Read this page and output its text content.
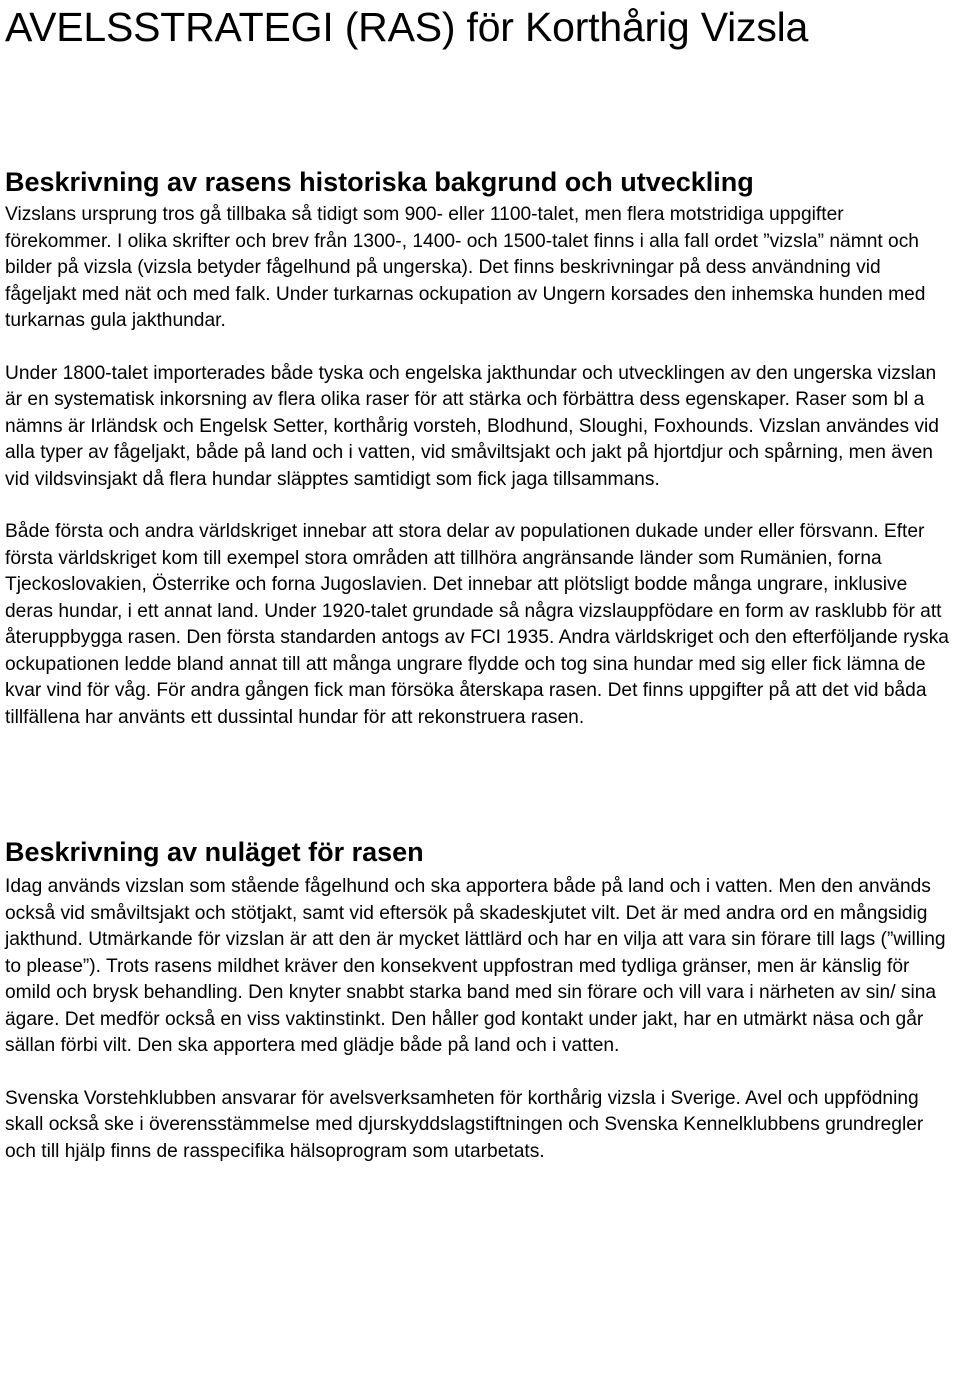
AVELSSTRATEGI (RAS) för Korthårig Vizsla
Beskrivning av rasens historiska bakgrund och utveckling

Vizslans ursprung tros gå tillbaka så tidigt som 900- eller 1100-talet, men flera motstridiga uppgifter förekommer. I olika skrifter och brev från 1300-, 1400- och 1500-talet finns i alla fall ordet ”vizsla” nämnt och bilder på vizsla (vizsla betyder fågelhund på ungerska). Det finns beskrivningar på dess användning vid fågeljakt med nät och med falk. Under turkarnas ockupation av Ungern korsades den inhemska hunden med turkarnas gula jakthundar.

Under 1800-talet importerades både tyska och engelska jakthundar och utvecklingen av den ungerska vizslan är en systematisk inkorsning av flera olika raser för att stärka och förbättra dess egenskaper. Raser som bl a nämns är Irländsk och Engelsk Setter, korthårig vorsteh, Blodhund, Sloughi, Foxhounds. Vizslan användes vid alla typer av fågeljakt, både på land och i vatten, vid småviltsjakt och jakt på hjortdjur och spårning, men även vid vildsvinsjakt då flera hundar släpptes samtidigt som fick jaga tillsammans.

Både första och andra världskriget innebar att stora delar av populationen dukade under eller försvann. Efter första världskriget kom till exempel stora områden att tillhöra angränsande länder som Rumänien, forna Tjeckoslovakien, Österrike och forna Jugoslavien. Det innebar att plötsligt bodde många ungrare, inklusive deras hundar, i ett annat land. Under 1920-talet grundade så några vizslauppfödare en form av rasklubb för att återuppbygga rasen. Den första standarden antogs av FCI 1935. Andra världskriget och den efterföljande ryska ockupationen ledde bland annat till att många ungrare flydde och tog sina hundar med sig eller fick lämna de kvar vind för våg. För andra gången fick man försöka återskapa rasen. Det finns uppgifter på att det vid båda tillfällena har använts ett dussintal hundar för att rekonstruera rasen.

Beskrivning av nuläget för rasen

Idag används vizslan som stående fågelhund och ska apportera både på land och i vatten. Men den används också vid småviltsjakt och stötjakt, samt vid eftersök på skadeskjutet vilt. Det är med andra ord en mångsidig jakthund. Utmärkande för vizslan är att den är mycket lättlärd och har en vilja att vara sin förare till lags (”willing to please”). Trots rasens mildhet kräver den konsekvent uppfostran med tydliga gränser, men är känslig för omild och brysk behandling. Den knyter snabbt starka band med sin förare och vill vara i närheten av sin/ sina ägare. Det medför också en viss vaktinstinkt. Den håller god kontakt under jakt, har en utmärkt näsa och går sällan förbi vilt. Den ska apportera med glädje både på land och i vatten.

Svenska Vorstehklubben ansvarar för avelsverksamheten för korthårig vizsla i Sverige. Avel och uppfödning skall också ske i överensstämmelse med djurskyddslagstiftningen och Svenska Kennelklubbens grundregler och till hjälp finns de rasspecifika hälsoprogram som utarbetats.
